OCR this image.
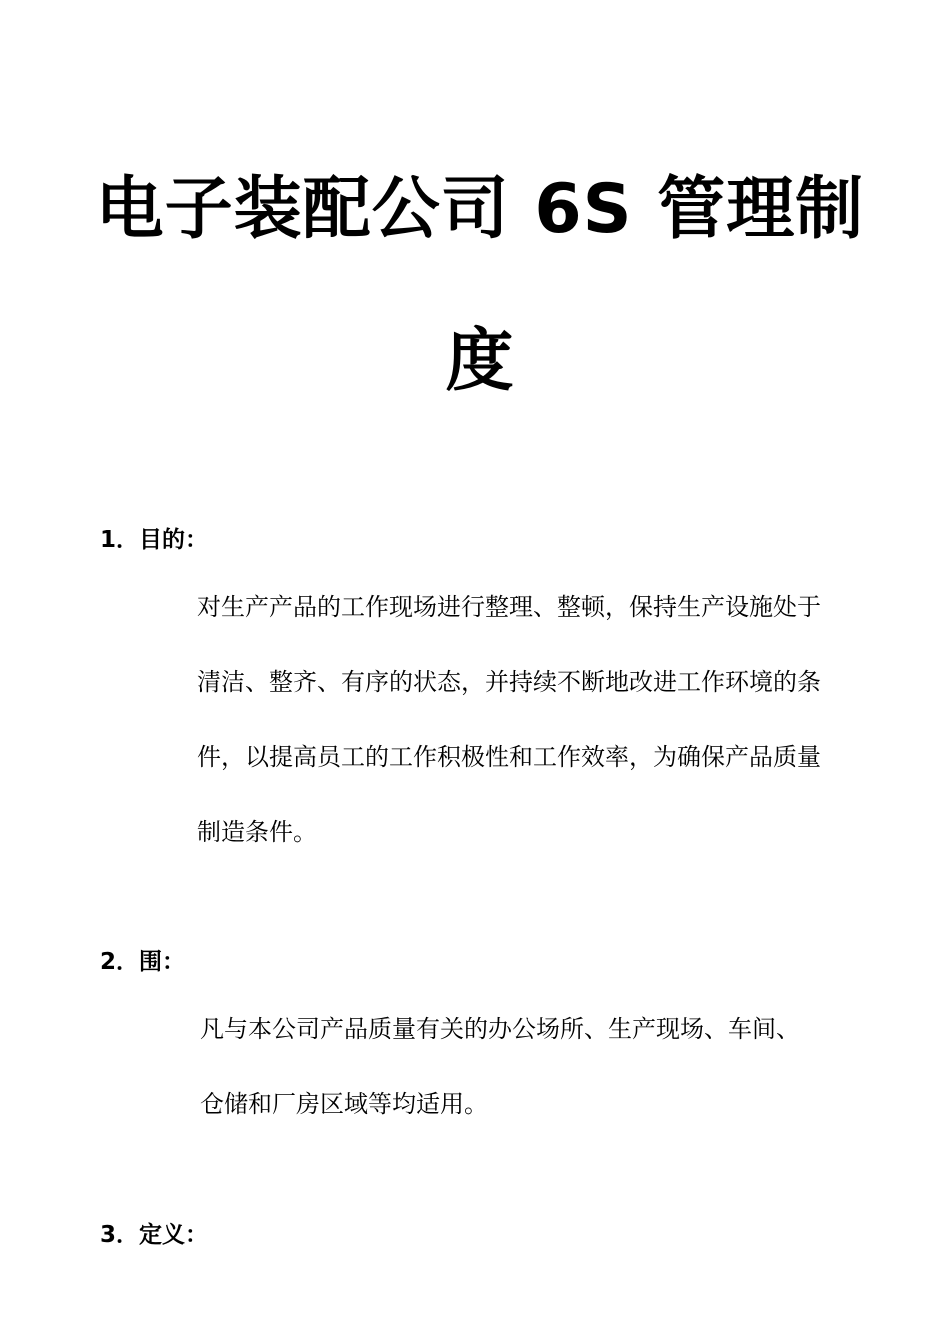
电子装配公司 6S 管理制
度
1．目的：
对生产产品的工作现场进行整理、整顿，保持生产设施处于
清洁、整齐、有序的状态，并持续不断地改进工作环境的条
件，以提高员工的工作积极性和工作效率，为确保产品质量
制造条件。
2．围：
凡与本公司产品质量有关的办公场所、生产现场、车间、
仓储和厂房区域等均适用。
3．定义：
